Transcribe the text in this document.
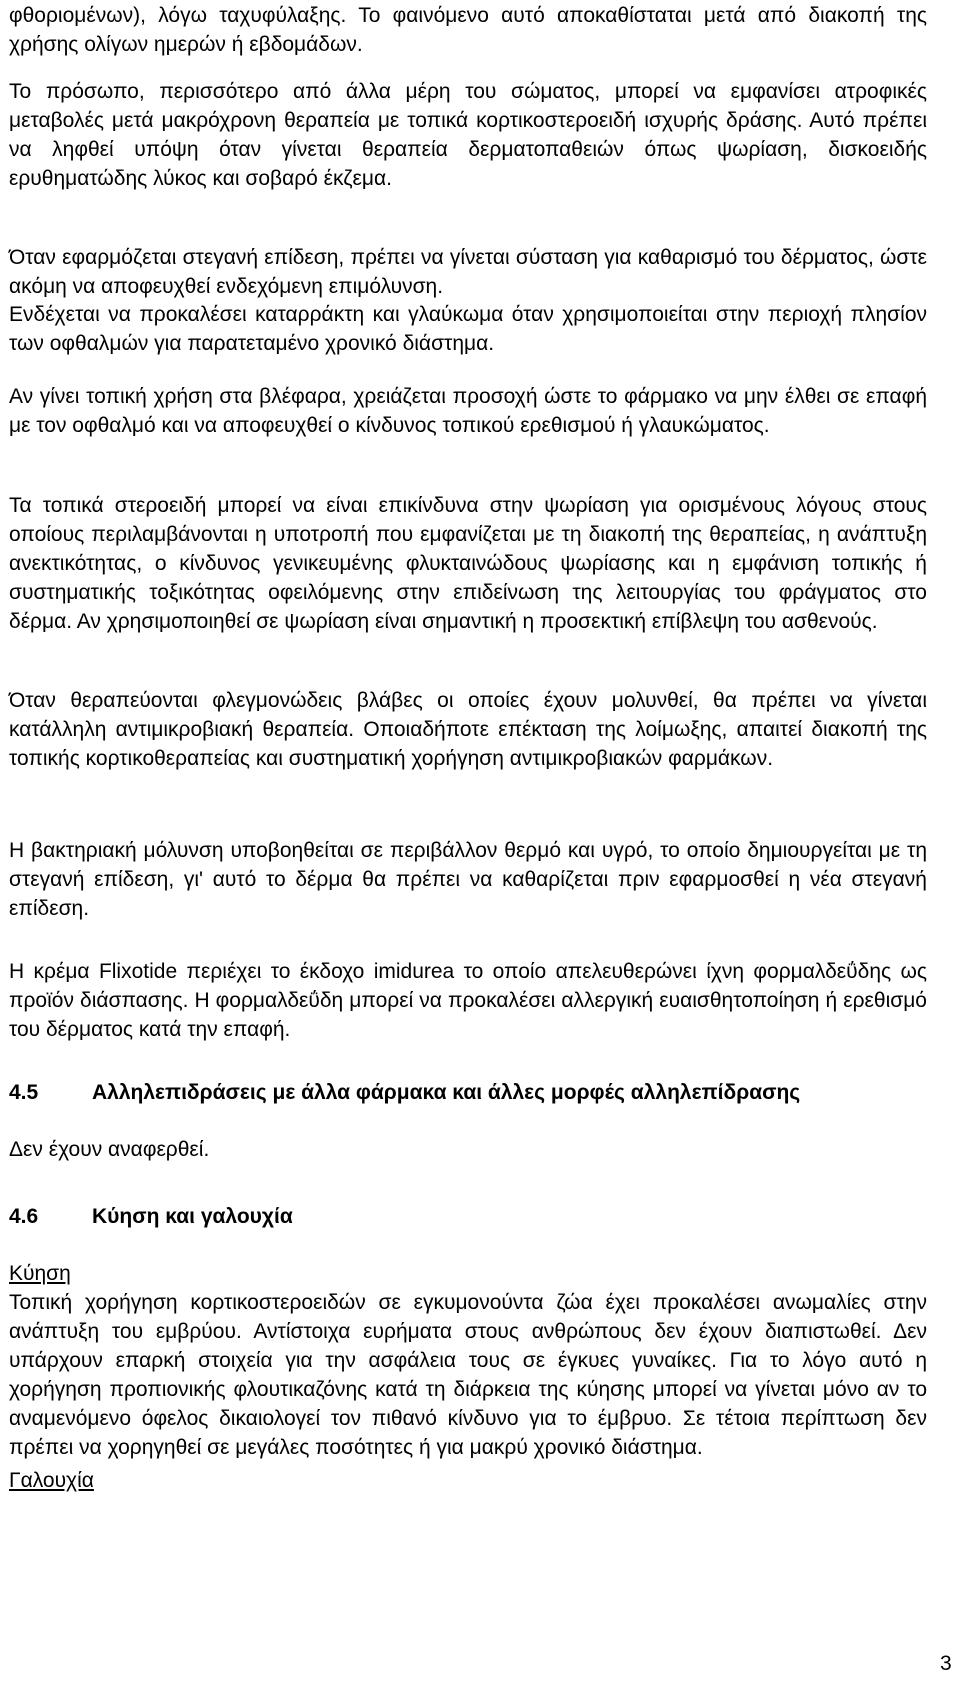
φθοριομένων), λόγω ταχυφύλαξης. Το φαινόμενο αυτό αποκαθίσταται μετά από διακοπή της χρήσης ολίγων ημερών ή εβδομάδων.

Το πρόσωπο, περισσότερο από άλλα μέρη του σώματος, μπορεί να εμφανίσει ατροφικές μεταβολές μετά μακρόχρονη θεραπεία με τοπικά κορτικοστεροειδή ισχυρής δράσης. Αυτό πρέπει να ληφθεί υπόψη όταν γίνεται θεραπεία δερματοπαθειών όπως ψωρίαση, δισκοειδής ερυθηματώδης λύκος και σοβαρό έκζεμα.

Όταν εφαρμόζεται στεγανή επίδεση, πρέπει να γίνεται σύσταση για καθαρισμό του δέρματος, ώστε ακόμη να αποφευχθεί ενδεχόμενη επιμόλυνση.

Ενδέχεται να προκαλέσει καταρράκτη και γλαύκωμα όταν χρησιμοποιείται στην περιοχή πλησίον των οφθαλμών για παρατεταμένο χρονικό διάστημα.

Αν γίνει τοπική χρήση στα βλέφαρα, χρειάζεται προσοχή ώστε το φάρμακο να μην έλθει σε επαφή με τον οφθαλμό και να αποφευχθεί ο κίνδυνος τοπικού ερεθισμού ή γλαυκώματος.

Τα τοπικά στεροειδή μπορεί να είναι επικίνδυνα στην ψωρίαση για ορισμένους λόγους στους οποίους περιλαμβάνονται η υποτροπή που εμφανίζεται με τη διακοπή της θεραπείας, η ανάπτυξη ανεκτικότητας, ο κίνδυνος γενικευμένης φλυκταινώδους ψωρίασης και η εμφάνιση τοπικής ή συστηματικής τοξικότητας οφειλόμενης στην επιδείνωση της λειτουργίας του φράγματος στο δέρμα. Αν χρησιμοποιηθεί σε ψωρίαση είναι σημαντική η προσεκτική επίβλεψη του ασθενούς.

Όταν θεραπεύονται φλεγμονώδεις βλάβες οι οποίες έχουν μολυνθεί, θα πρέπει να γίνεται κατάλληλη αντιμικροβιακή θεραπεία. Οποιαδήποτε επέκταση της λοίμωξης, απαιτεί διακοπή της τοπικής κορτικοθεραπείας και συστηματική χορήγηση αντιμικροβιακών φαρμάκων.

Η βακτηριακή μόλυνση υποβοηθείται σε περιβάλλον θερμό και υγρό, το οποίο δημιουργείται με τη στεγανή επίδεση, γι' αυτό το δέρμα θα πρέπει να καθαρίζεται πριν εφαρμοσθεί η νέα στεγανή επίδεση.

Η κρέμα Flixotide περιέχει το έκδοχο imidurea το οποίο απελευθερώνει ίχνη φορμαλδεΰδης ως προϊόν διάσπασης. Η φορμαλδεΰδη μπορεί να προκαλέσει αλλεργική ευαισθητοποίηση ή ερεθισμό του δέρματος κατά την επαφή.

4.5	Αλληλεπιδράσεις με άλλα φάρμακα και άλλες μορφές αλληλεπίδρασης

Δεν έχουν αναφερθεί.

4.6	Κύηση και γαλουχία

Κύηση

Τοπική χορήγηση κορτικοστεροειδών σε εγκυμονούντα ζώα έχει προκαλέσει ανωμαλίες στην ανάπτυξη του εμβρύου. Αντίστοιχα ευρήματα στους ανθρώπους δεν έχουν διαπιστωθεί. Δεν υπάρχουν επαρκή στοιχεία για την ασφάλεια τους σε έγκυες γυναίκες. Για το λόγο αυτό η χορήγηση προπιονικής φλουτικαζόνης κατά τη διάρκεια της κύησης μπορεί να γίνεται μόνο αν το αναμενόμενο όφελος δικαιολογεί τον πιθανό κίνδυνο για το έμβρυο. Σε τέτοια περίπτωση δεν πρέπει να χορηγηθεί σε μεγάλες ποσότητες ή για μακρύ χρονικό διάστημα.

Γαλουχία

3
